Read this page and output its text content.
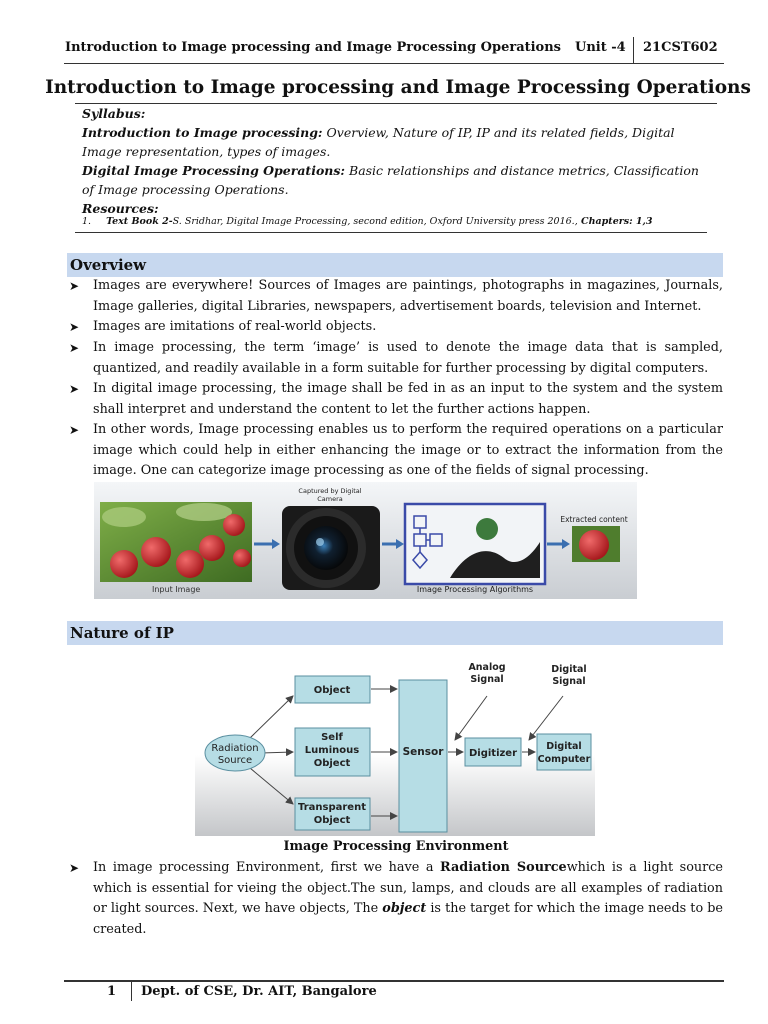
Introduction to Image processing and Image Processing Operations Unit -4 21CST602
Introduction to Image processing and Image Processing Operations
Syllabus:
Introduction to Image processing: Overview, Nature of IP, IP and its related fields, Digital Image representation, types of images.
Digital Image Processing Operations: Basic relationships and distance metrics, Classification of Image processing Operations.
Resources:
1. Text Book 2-S. Sridhar, Digital Image Processing, second edition, Oxford University press 2016., Chapters: 1,3
Overview
➤ Images are everywhere! Sources of Images are paintings, photographs in magazines, Journals, Image galleries, digital Libraries, newspapers, advertisement boards, television and Internet.
➤ Images are imitations of real-world objects.
➤ In image processing, the term ‘image’ is used to denote the image data that is sampled, quantized, and readily available in a form suitable for further processing by digital computers.
➤ In digital image processing, the image shall be fed in as an input to the system and the system shall interpret and understand the content to let the further actions happen.
➤ In other words, Image processing enables us to perform the required operations on a particular image which could help in either enhancing the image or to extract the information from the image. One can categorize image processing as one of the fields of signal processing.
Input Image
Captured by Digital
Camera
Image Processing Algorithms
Extracted content
Nature of IP
Radiation
Source
Object
Self
Luminous
Object
Transparent
Object
Sensor	Digitizer
Digital
Computer
Analog
Signal
Digital
Signal
Image Processing Environment
➤ In image processing Environment, first we have a Radiation Sourcewhich is a light source which is essential for vieing the object.The sun, lamps, and clouds are all examples of radiation or light sources. Next, we have objects, The object is the target for which the image needs to be created.
1 Dept. of CSE, Dr. AIT, Bangalore
